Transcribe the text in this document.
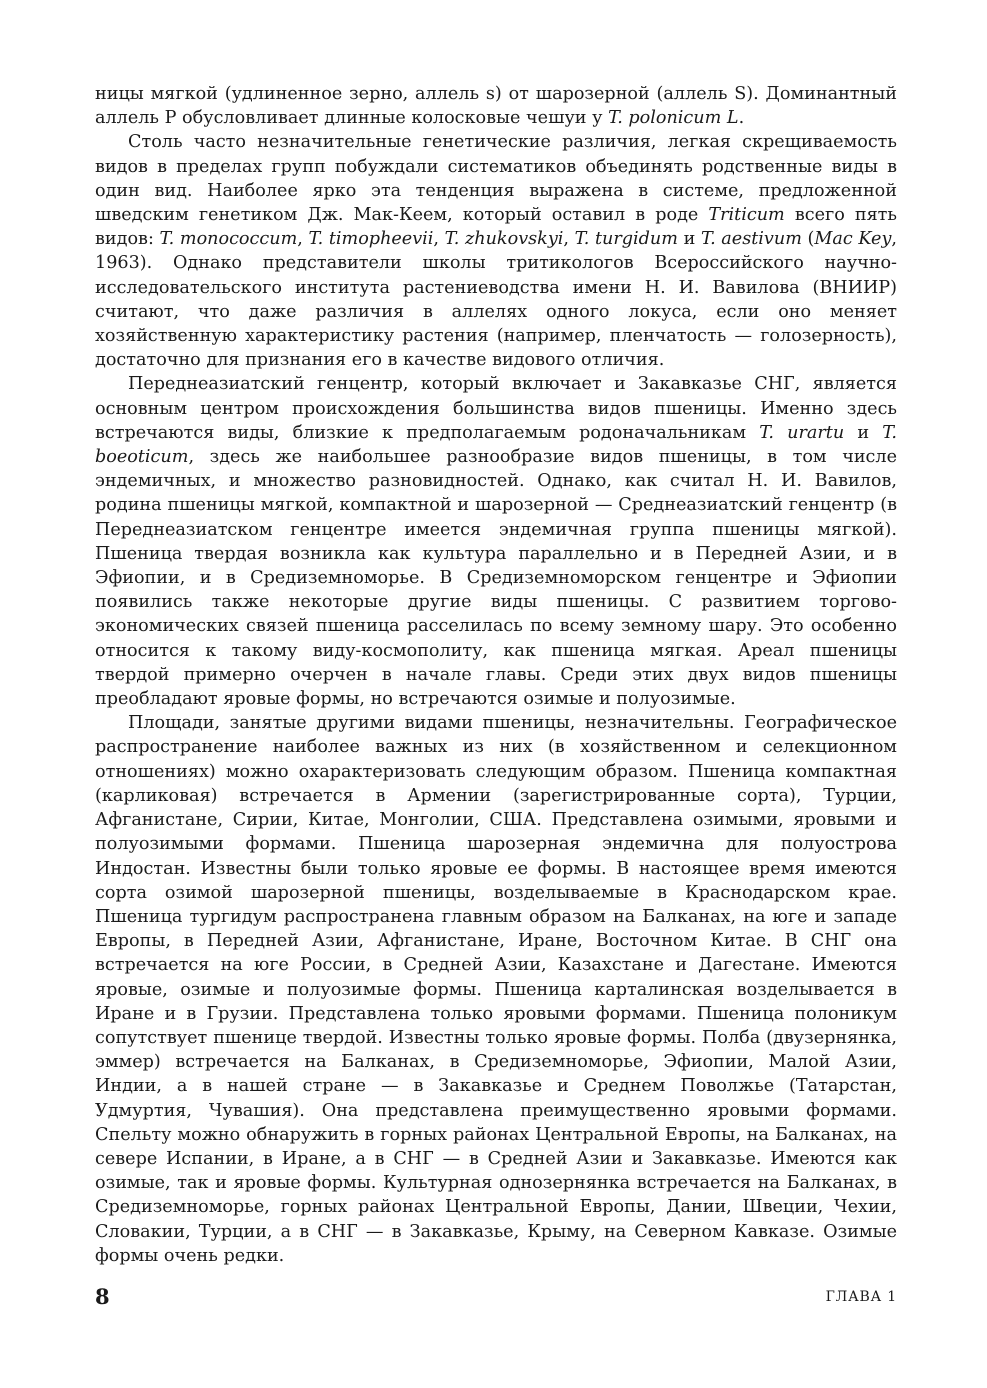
ницы мягкой (удлиненное зерно, аллель s) от шарозерной (аллель S). Доминантный аллель P обусловливает длинные колосковые чешуи у T. polonicum L.

Столь часто незначительные генетические различия, легкая скрещиваемость видов в пределах групп побуждали систематиков объединять родственные виды в один вид. Наиболее ярко эта тенденция выражена в системе, предложенной шведским генетиком Дж. Мак-Кеем, который оставил в роде Triticum всего пять видов: T. monococcum, T. timopheevii, T. zhukovskyi, T. turgidum и T. aestivum (Mac Key, 1963). Однако представители школы тритикологов Всероссийского научно-исследовательского института растениеводства имени Н. И. Вавилова (ВНИИР) считают, что даже различия в аллелях одного локуса, если оно меняет хозяйственную характеристику растения (например, пленчатость — голозерность), достаточно для признания его в качестве видового отличия.

Переднеазиатский генцентр, который включает и Закавказье СНГ, является основным центром происхождения большинства видов пшеницы. Именно здесь встречаются виды, близкие к предполагаемым родоначальникам T. urartu и T. boeoticum, здесь же наибольшее разнообразие видов пшеницы, в том числе эндемичных, и множество разновидностей. Однако, как считал Н. И. Вавилов, родина пшеницы мягкой, компактной и шарозерной — Среднеазиатский генцентр (в Переднеазиатском генцентре имеется эндемичная группа пшеницы мягкой). Пшеница твердая возникла как культура параллельно и в Передней Азии, и в Эфиопии, и в Средиземноморье. В Средиземноморском генцентре и Эфиопии появились также некоторые другие виды пшеницы. С развитием торгово-экономических связей пшеница расселилась по всему земному шару. Это особенно относится к такому виду-космополиту, как пшеница мягкая. Ареал пшеницы твердой примерно очерчен в начале главы. Среди этих двух видов пшеницы преобладают яровые формы, но встречаются озимые и полуозимые.

Площади, занятые другими видами пшеницы, незначительны. Географическое распространение наиболее важных из них (в хозяйственном и селекционном отношениях) можно охарактеризовать следующим образом. Пшеница компактная (карликовая) встречается в Армении (зарегистрированные сорта), Турции, Афганистане, Сирии, Китае, Монголии, США. Представлена озимыми, яровыми и полуозимыми формами. Пшеница шарозерная эндемична для полуострова Индостан. Известны были только яровые ее формы. В настоящее время имеются сорта озимой шарозерной пшеницы, возделываемые в Краснодарском крае. Пшеница тургидум распространена главным образом на Балканах, на юге и западе Европы, в Передней Азии, Афганистане, Иране, Восточном Китае. В СНГ она встречается на юге России, в Средней Азии, Казахстане и Дагестане. Имеются яровые, озимые и полуозимые формы. Пшеница карталинская возделывается в Иране и в Грузии. Представлена только яровыми формами. Пшеница полоникум сопутствует пшенице твердой. Известны только яровые формы. Полба (двузернянка, эммер) встречается на Балканах, в Средиземноморье, Эфиопии, Малой Азии, Индии, а в нашей стране — в Закавказье и Среднем Поволжье (Татарстан, Удмуртия, Чувашия). Она представлена преимущественно яровыми формами. Спельту можно обнаружить в горных районах Центральной Европы, на Балканах, на севере Испании, в Иране, а в СНГ — в Средней Азии и Закавказье. Имеются как озимые, так и яровые формы. Культурная однозернянка встречается на Балканах, в Средиземноморье, горных районах Центральной Европы, Дании, Швеции, Чехии, Словакии, Турции, а в СНГ — в Закавказье, Крыму, на Северном Кавказе. Озимые формы очень редки.

8	ГЛАВА 1
